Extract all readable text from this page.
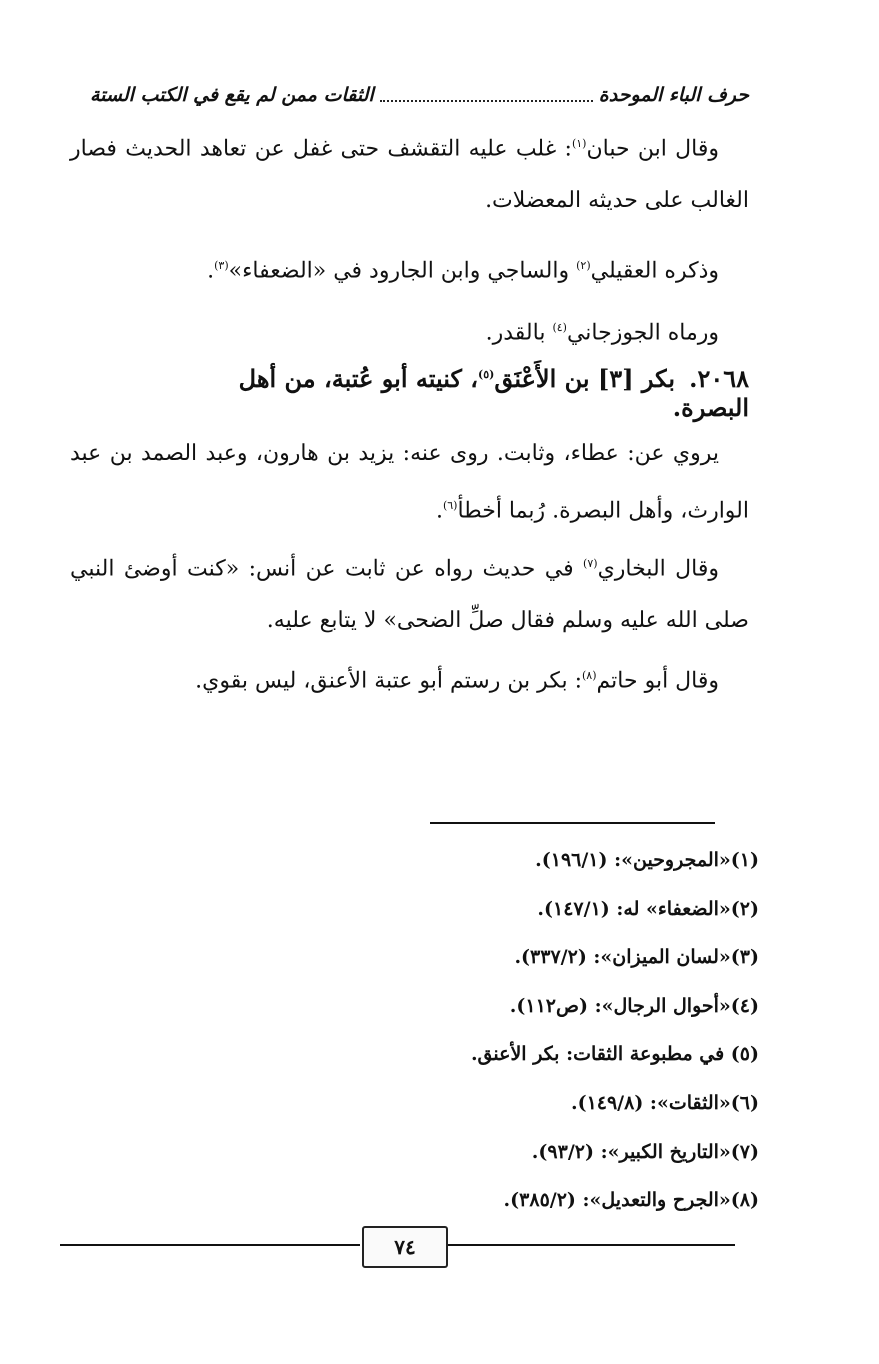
حرف الباء الموحدة
الثقات ممن لم يقع في الكتب الستة
وقال ابن حبان$^{(١)}$: غلب عليه التقشف حتى غفل عن تعاهد الحديث فصار الغالب على حديثه المعضلات.
وذكره العقيلي$^{(٢)}$ والساجي وابن الجارود في «الضعفاء»$^{(٣)}$.
ورماه الجوزجاني$^{(٤)}$ بالقدر.
٢٠٦٨.بكر [٣] بن الأَعْنَق$^{(٥)}$، كنيته أبو عُتبة، من أهل البصرة.
يروي عن: عطاء، وثابت. روى عنه: يزيد بن هارون، وعبد الصمد بن عبد الوارث، وأهل البصرة. رُبما أخطأ$^{(٦)}$.
وقال البخاري$^{(٧)}$ في حديث رواه عن ثابت عن أنس: «كنت أوضئ النبي صلى الله عليه وسلم فقال صلِّ الضحى» لا يتابع عليه.
وقال أبو حاتم$^{(٨)}$: بكر بن رستم أبو عتبة الأعنق، ليس بقوي.
(١)«المجروحين»: (١٩٦/١).
(٢)«الضعفاء» له: (١٤٧/١).
(٣)«لسان الميزان»: (٣٣٧/٢).
(٤)«أحوال الرجال»: (ص١١٢).
(٥) في مطبوعة الثقات: بكر الأعنق.
(٦)«الثقات»: (١٤٩/٨).
(٧)«التاريخ الكبير»: (٩٣/٢).
(٨)«الجرح والتعديل»: (٣٨٥/٢).
٧٤
